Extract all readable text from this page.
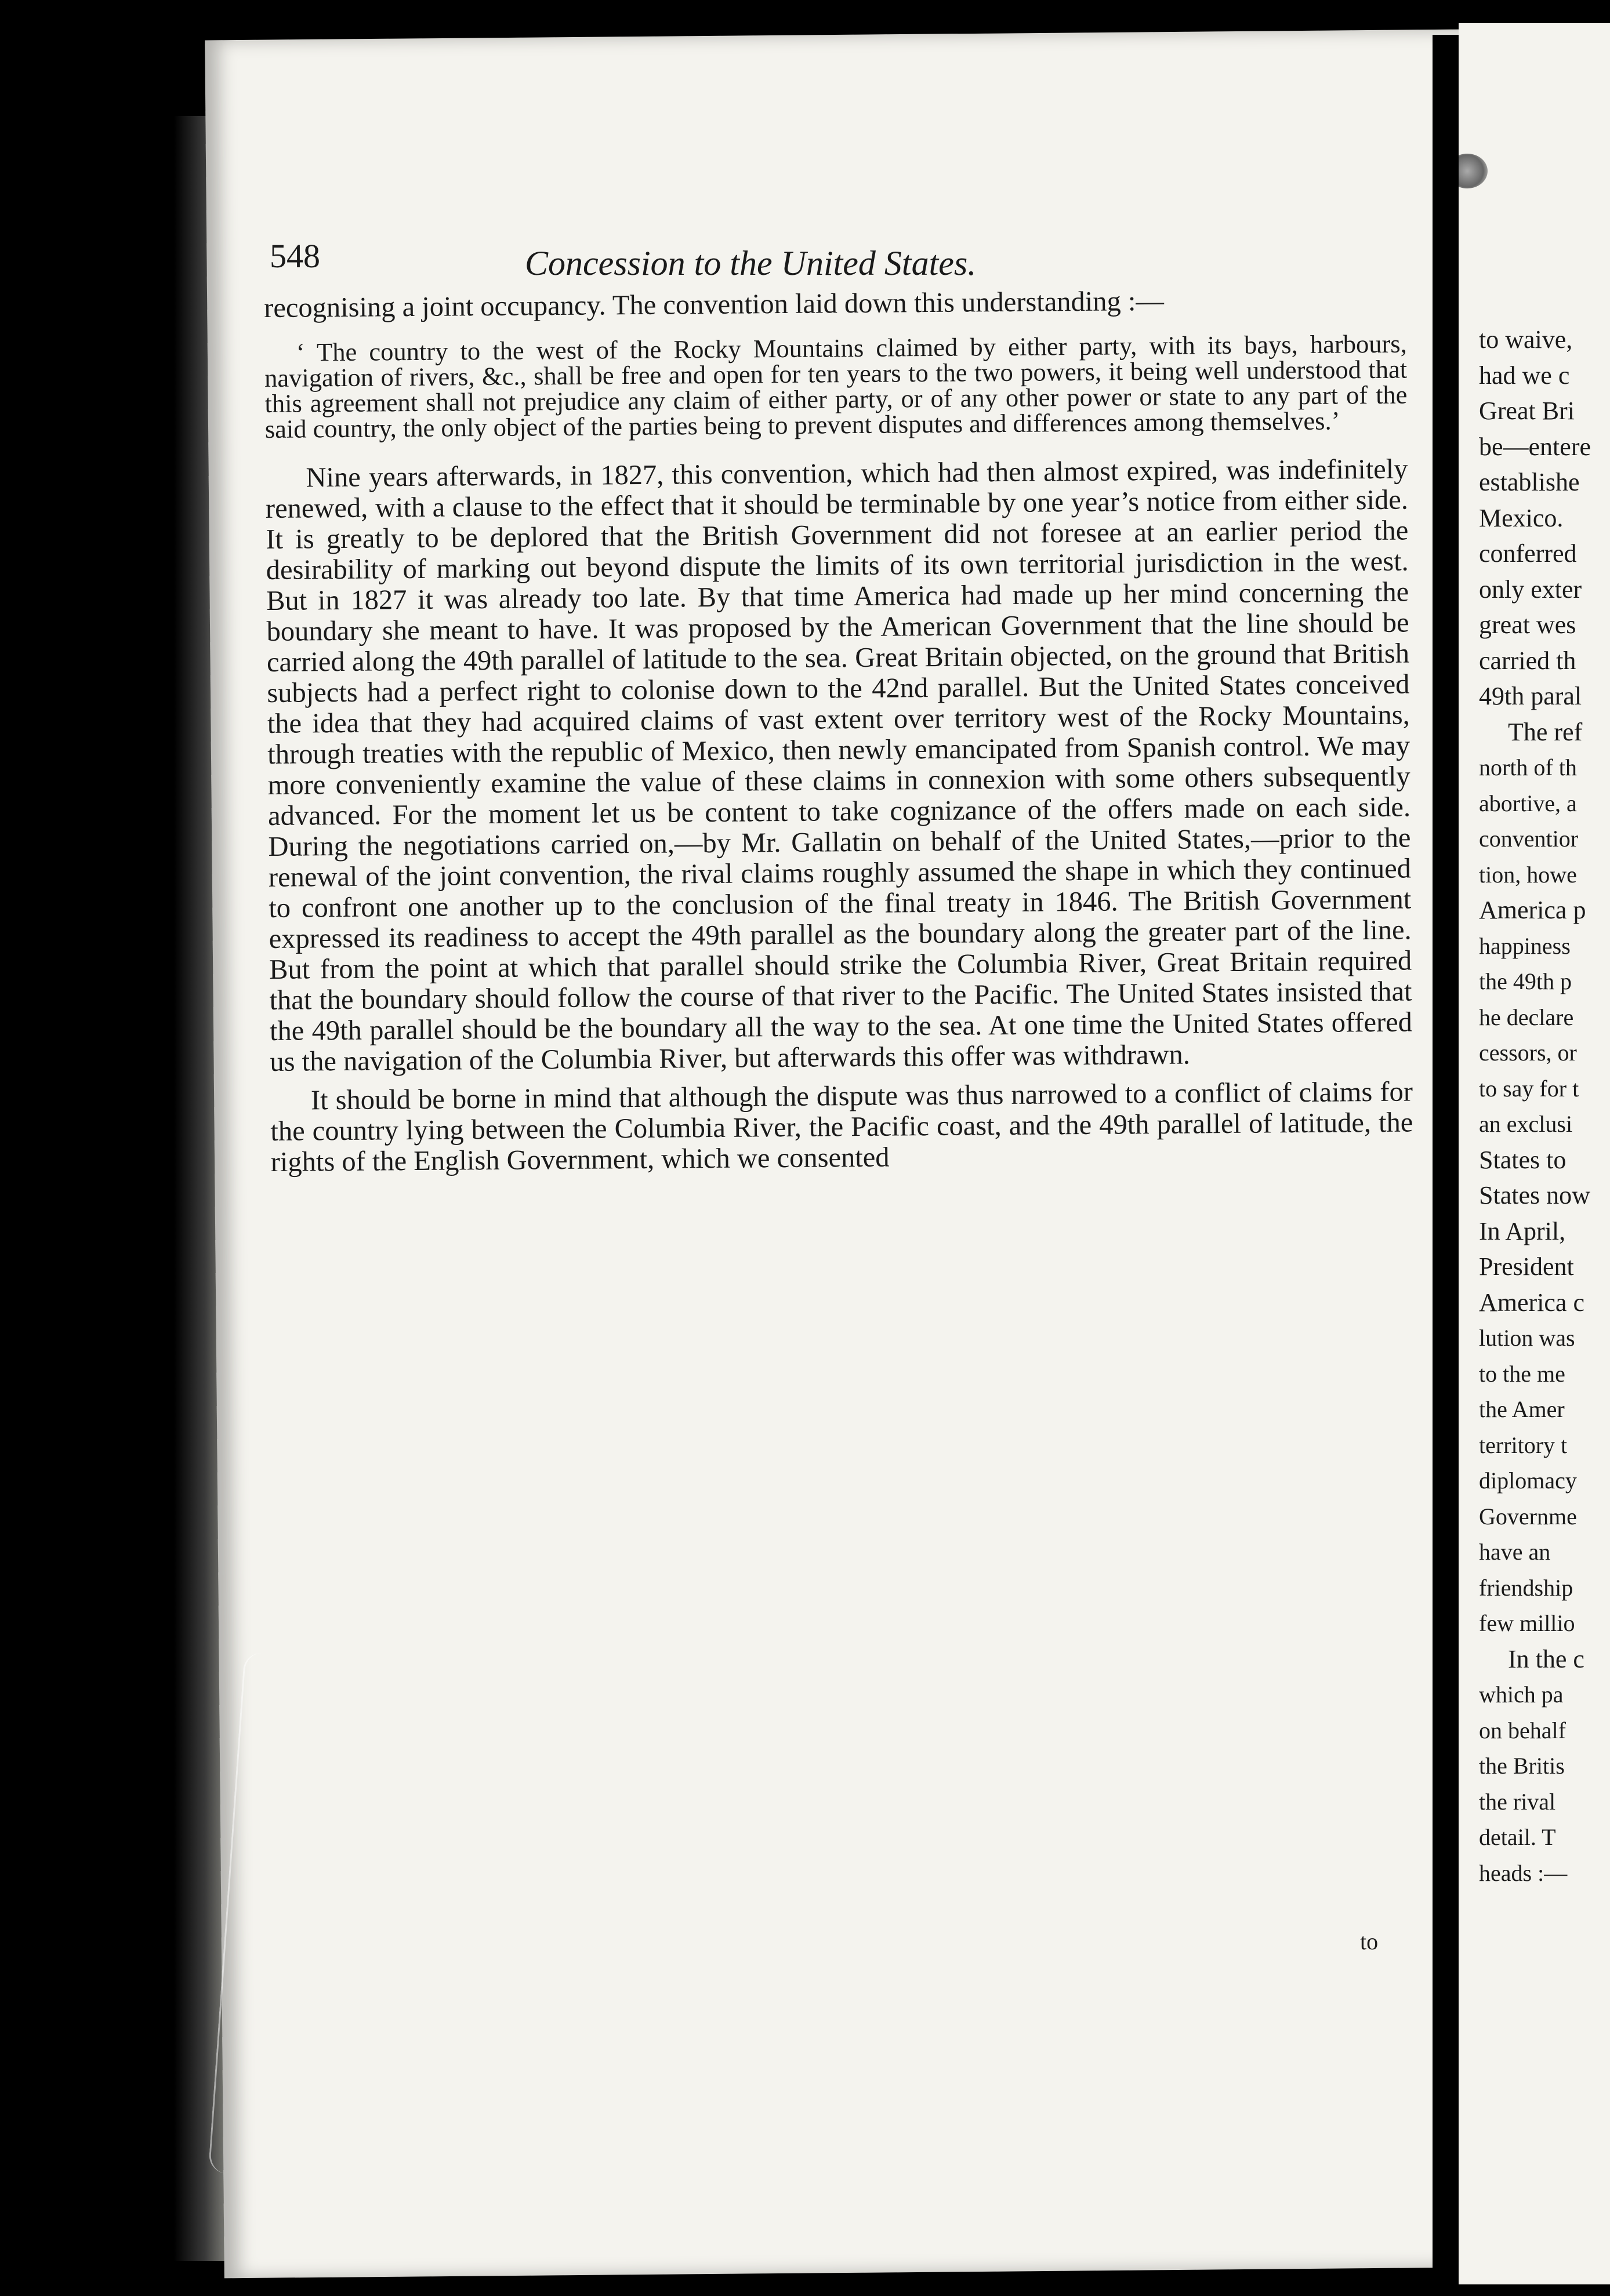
548	Concession to the United States.

recognising a joint occupancy. The convention laid down this understanding :—

‘ The country to the west of the Rocky Mountains claimed by either party, with its bays, harbours, navigation of rivers, &c., shall be free and open for ten years to the two powers, it being well understood that this agreement shall not prejudice any claim of either party, or of any other power or state to any part of the said country, the only object of the parties being to prevent disputes and differences among themselves.’

Nine years afterwards, in 1827, this convention, which had then almost expired, was indefinitely renewed, with a clause to the effect that it should be terminable by one year’s notice from either side. It is greatly to be deplored that the British Government did not foresee at an earlier period the desirability of marking out beyond dispute the limits of its own territorial jurisdiction in the west. But in 1827 it was already too late. By that time America had made up her mind concerning the boundary she meant to have. It was proposed by the American Government that the line should be carried along the 49th parallel of latitude to the sea. Great Britain objected, on the ground that British subjects had a perfect right to colonise down to the 42nd parallel. But the United States conceived the idea that they had acquired claims of vast extent over territory west of the Rocky Mountains, through treaties with the republic of Mexico, then newly emancipated from Spanish control. We may more conveniently examine the value of these claims in connexion with some others subsequently advanced. For the moment let us be content to take cognizance of the offers made on each side. During the negotiations carried on,—by Mr. Gallatin on behalf of the United States,—prior to the renewal of the joint convention, the rival claims roughly assumed the shape in which they continued to confront one another up to the conclusion of the final treaty in 1846. The British Government expressed its readiness to accept the 49th parallel as the boundary along the greater part of the line. But from the point at which that parallel should strike the Columbia River, Great Britain required that the boundary should follow the course of that river to the Pacific. The United States insisted that the 49th parallel should be the boundary all the way to the sea. At one time the United States offered us the navigation of the Columbia River, but afterwards this offer was withdrawn.

It should be borne in mind that although the dispute was thus narrowed to a conflict of claims for the country lying between the Columbia River, the Pacific coast, and the 49th parallel of latitude, the rights of the English Government, which we consented

to
to waive,
had we c
Great Bri
be—entere
establishe
Mexico.
conferred
only exter
great wes
carried th
49th paral
The ref
north of th
abortive, a
conventior
tion, howe
America p
happiness
the 49th p
he declare
cessors, or
to say for t
an exclusi
States to
States now
In April,
President
America c
lution was
to the me
the Amer
territory t
diplomacy
Governme
have an
friendship
few millio
In the c
which pa
on behalf
the Britis
the rival
detail. T
heads :—
